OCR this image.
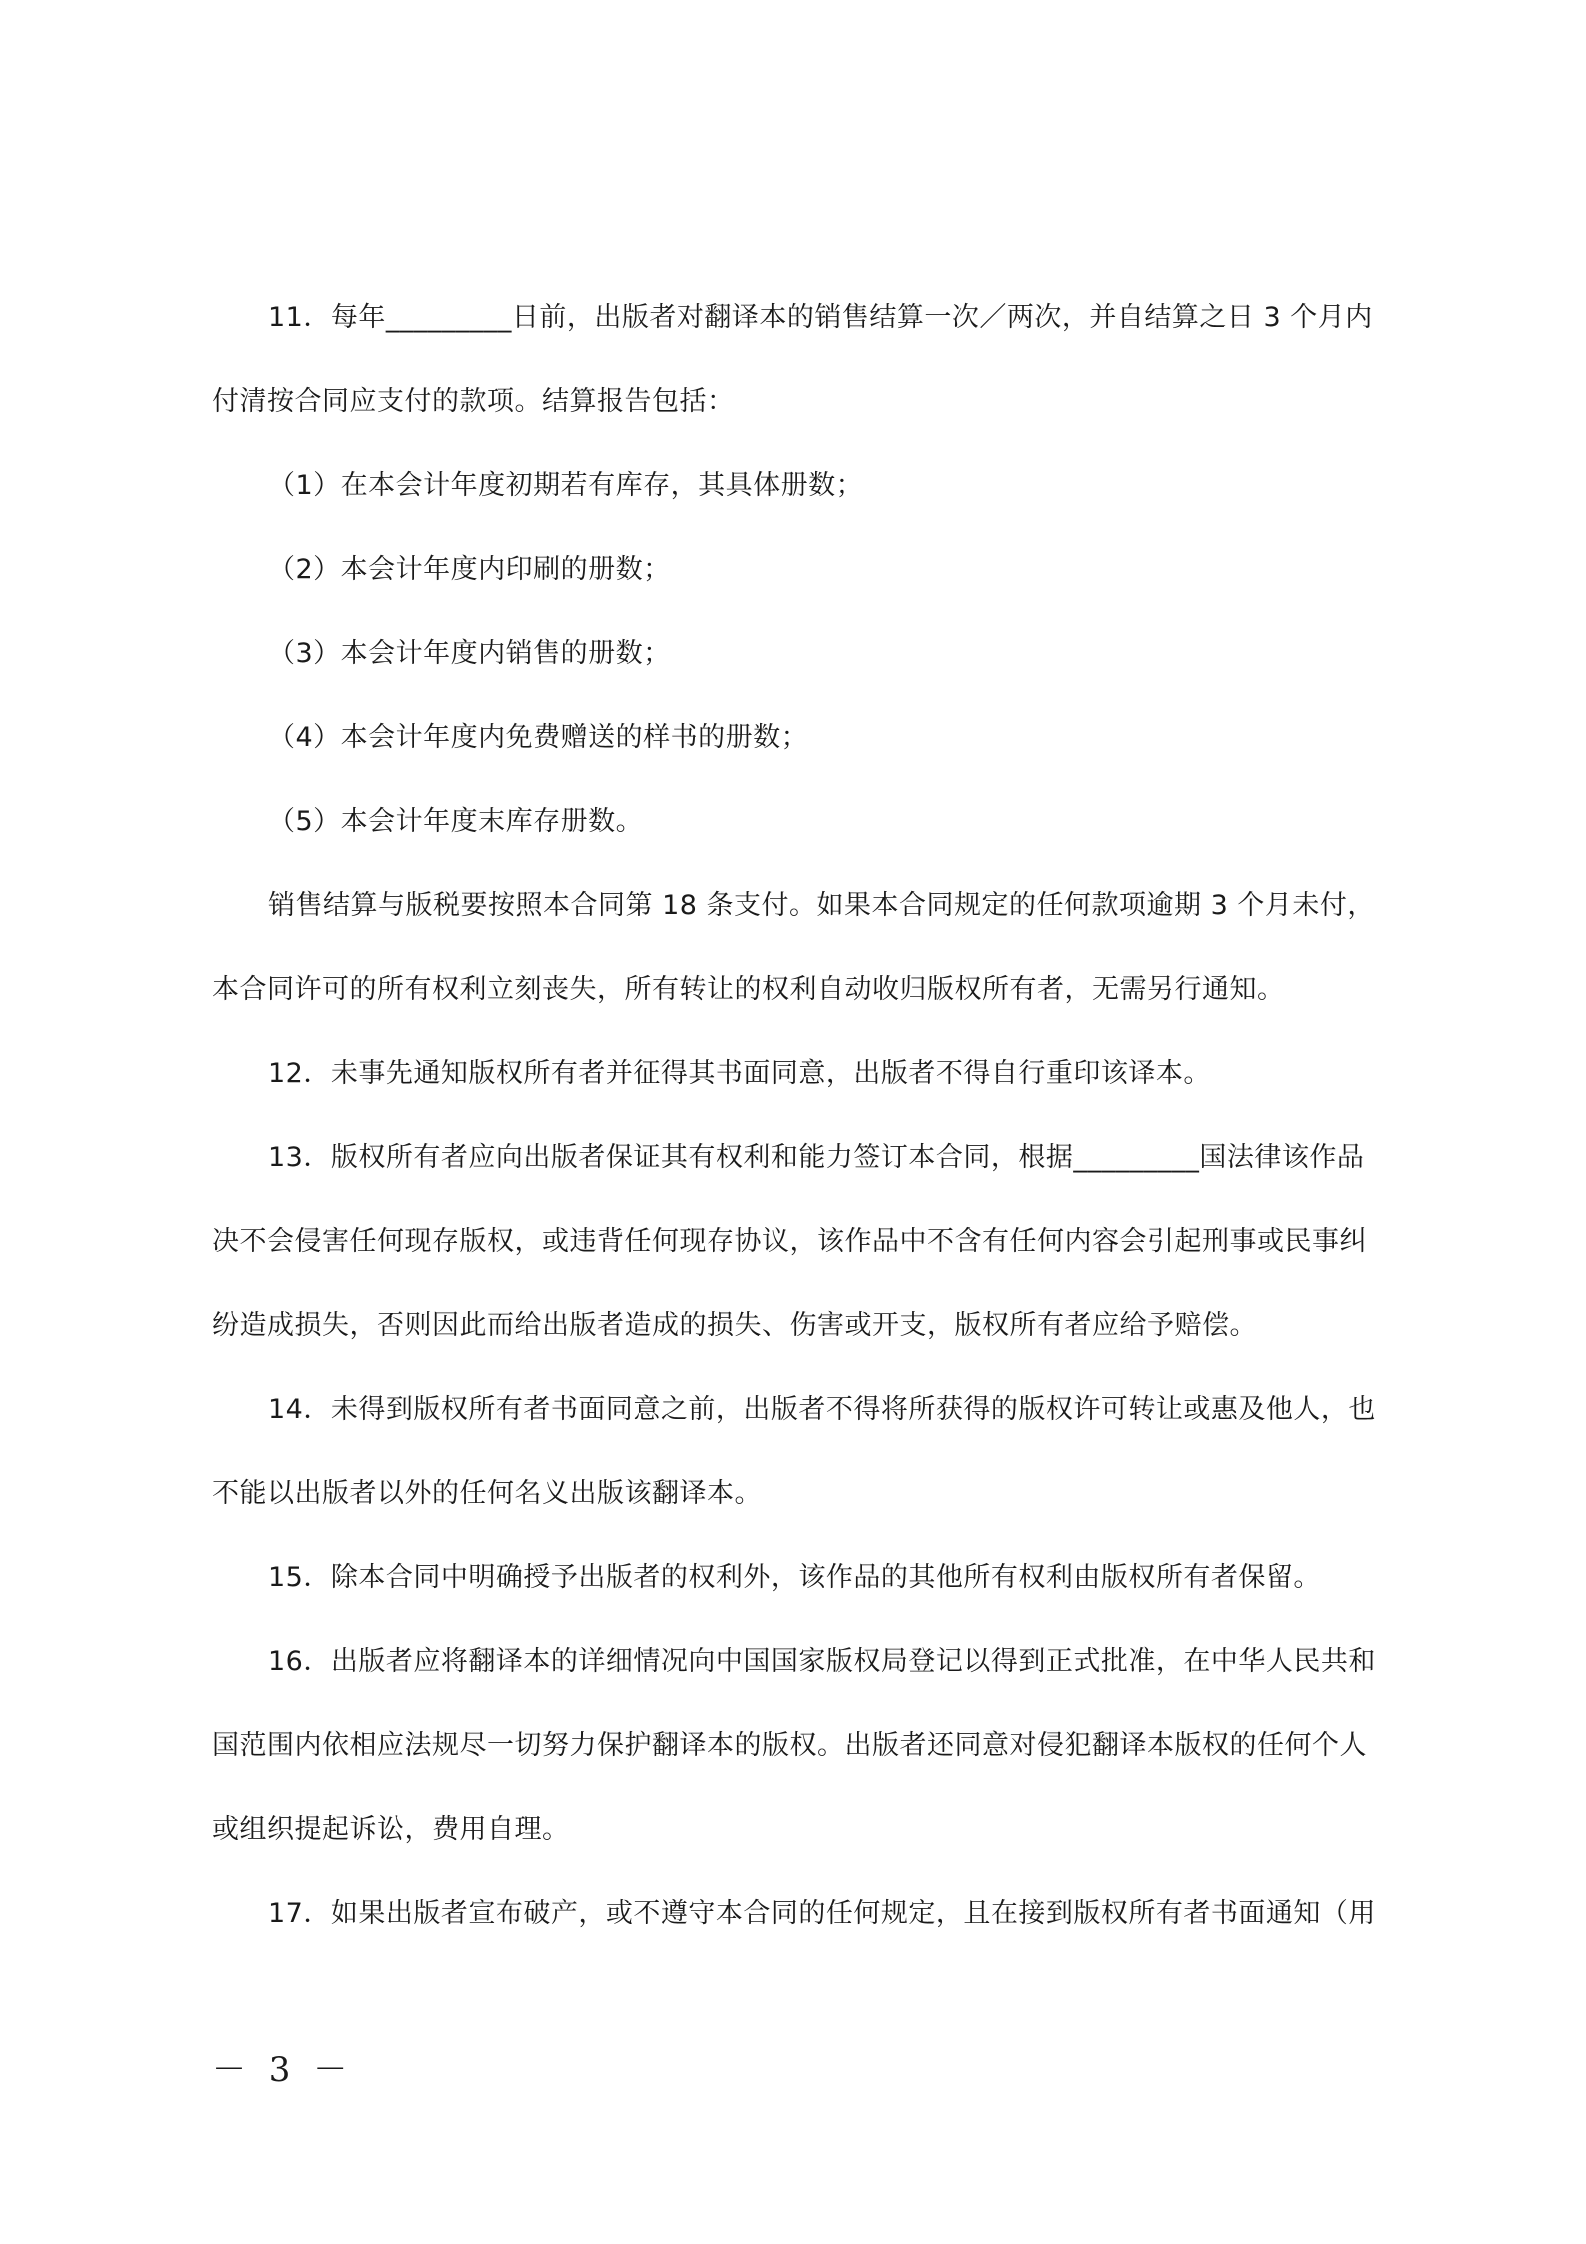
11．每年_________日前，出版者对翻译本的销售结算一次／两次，并自结算之日 3 个月内
付清按合同应支付的款项。结算报告包括：
（1）在本会计年度初期若有库存，其具体册数；
（2）本会计年度内印刷的册数；
（3）本会计年度内销售的册数；
（4）本会计年度内免费赠送的样书的册数；
（5）本会计年度末库存册数。
销售结算与版税要按照本合同第 18 条支付。如果本合同规定的任何款项逾期 3 个月未付，
本合同许可的所有权利立刻丧失，所有转让的权利自动收归版权所有者，无需另行通知。
12．未事先通知版权所有者并征得其书面同意，出版者不得自行重印该译本。
13．版权所有者应向出版者保证其有权利和能力签订本合同，根据_________国法律该作品
决不会侵害任何现存版权，或违背任何现存协议，该作品中不含有任何内容会引起刑事或民事纠
纷造成损失，否则因此而给出版者造成的损失、伤害或开支，版权所有者应给予赔偿。
14．未得到版权所有者书面同意之前，出版者不得将所获得的版权许可转让或惠及他人，也
不能以出版者以外的任何名义出版该翻译本。
15．除本合同中明确授予出版者的权利外，该作品的其他所有权利由版权所有者保留。
16．出版者应将翻译本的详细情况向中国国家版权局登记以得到正式批准，在中华人民共和
国范围内依相应法规尽一切努力保护翻译本的版权。出版者还同意对侵犯翻译本版权的任何个人
或组织提起诉讼，费用自理。
17．如果出版者宣布破产，或不遵守本合同的任何规定，且在接到版权所有者书面通知（用
－ 3 －
